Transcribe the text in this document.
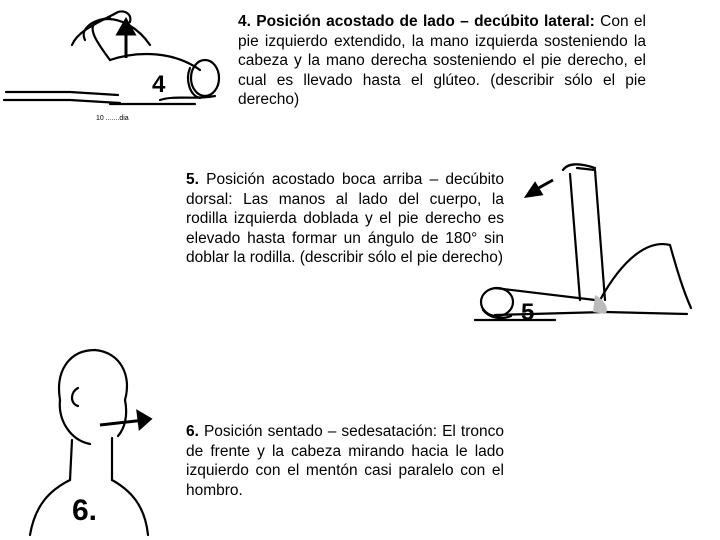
4
10 .......dia
4. Posición acostado de lado – decúbito lateral: Con el pie izquierdo extendido, la mano izquierda sosteniendo la cabeza y la mano derecha sosteniendo el pie derecho, el cual es llevado hasta el glúteo. (describir sólo el pie derecho)
5
5. Posición acostado boca arriba – decúbito dorsal: Las manos al lado del cuerpo, la rodilla izquierda doblada y el pie derecho es elevado hasta formar un ángulo de 180° sin doblar la rodilla. (describir sólo el pie derecho)
6.
6. Posición sentado – sedesatación: El tronco de frente y la cabeza mirando hacia le lado izquierdo con el mentón casi paralelo con el hombro.
